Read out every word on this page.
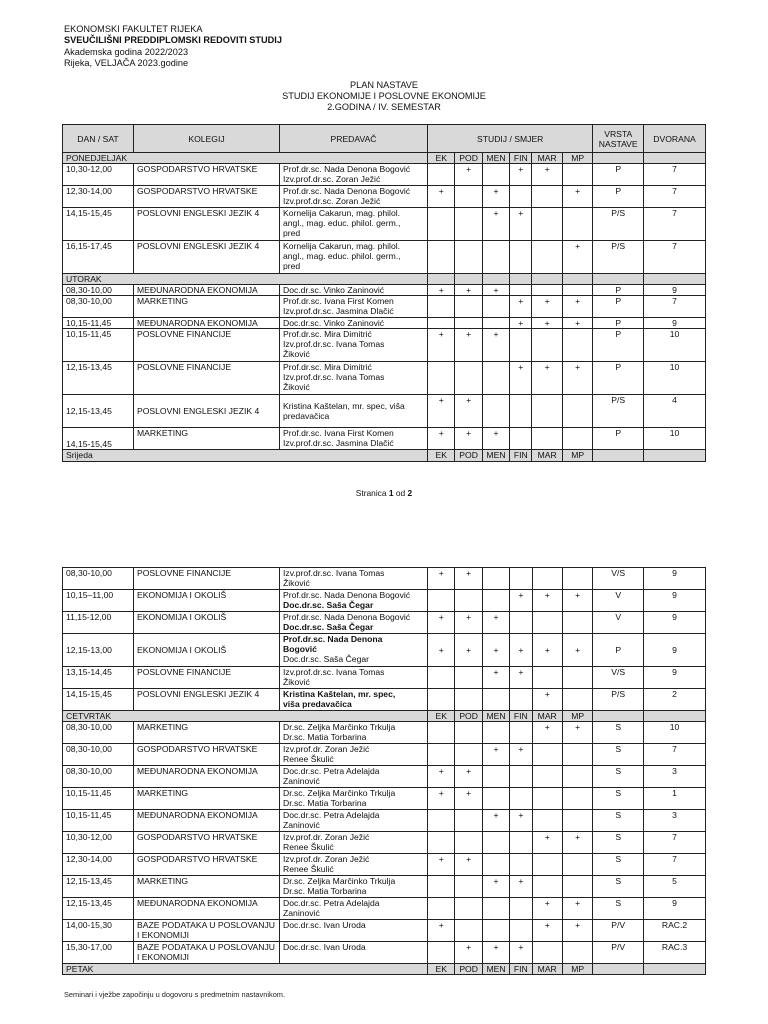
EKONOMSKI FAKULTET RIJEKA
SVEUČILIŠNI PREDDIPLOMSKI REDOVITI STUDIJ
Akademska godina 2022/2023
Rijeka, VELJAČA 2023.godine
PLAN NASTAVE
STUDIJ EKONOMIJE I POSLOVNE EKONOMIJE
2.GODINA / IV. SEMESTAR
DAN / SAT	KOLEGIJ	PREDAVAČ	STUDIJ / SMJER						VRSTA NASTAVE	DVORANA
PONEDJELJAK			EK	POD	MEN	FIN	MAR	MP		
10,30-12,00	GOSPODARSTVO HRVATSKE	Prof.dr.sc. Nada Denona Bogović
Izv.prof.dr.sc. Zoran Ježić		+		+	+		P	7
12,30-14,00	GOSPODARSTVO HRVATSKE	Prof.dr.sc. Nada Denona Bogović
Izv.prof.dr.sc. Zoran Ježić	+		+			+	P	7
14,15-15,45	POSLOVNI ENGLESKI JEZIK 4	Kornelija Cakarun, mag. philol.
angl., mag. educ. philol. germ.,
pred			+	+			P/S	7
16,15-17,45	POSLOVNI ENGLESKI JEZIK 4	Kornelija Cakarun, mag. philol.
angl., mag. educ. philol. germ.,
pred						+	P/S	7
UTORAK										
08,30-10,00	MEĐUNARODNA EKONOMIJA	Doc.dr.sc. Vinko Zaninović	+	+	+				P	9
08,30-10,00	MARKETING	Prof.dr.sc. Ivana First Komen
Izv.prof.dr.sc. Jasmina Dlačić				+	+	+	P	7
10,15-11,45	MEĐUNARODNA EKONOMIJA	Doc.dr.sc. Vinko Zaninović				+	+	+	P	9
10,15-11,45	POSLOVNE FINANCIJE	Prof.dr.sc. Mira Dimitrić
Izv.prof.dr.sc. Ivana Tomas
Žiković	+	+	+				P	10
12,15-13,45	POSLOVNE FINANCIJE	Prof.dr.sc. Mira Dimitrić
Izv.prof.dr.sc. Ivana Tomas
Žiković				+	+	+	P	10
12,15-13,45	POSLOVNI ENGLESKI JEZIK 4	Kristina Kaštelan, mr. spec, viša
predavačica	+	+					P/S	4
14,15-15,45	MARKETING	Prof.dr.sc. Ivana First Komen
Izv.prof.dr.sc. Jasmina Dlačić	+	+	+				P	10
Srijeda			EK	POD	MEN	FIN	MAR	MP		
Stranica 1 od 2
08,30-10,00	POSLOVNE FINANCIJE	Izv.prof.dr.sc. Ivana Tomas
Žiković	+	+					V/S	9
10,15–11,00	EKONOMIJA I OKOLIŠ	Prof.dr.sc. Nada Denona Bogović
Doc.dr.sc. Saša Čegar				+	+	+	V	9
11,15-12,00	EKONOMIJA I OKOLIŠ	Prof.dr.sc. Nada Denona Bogović
Doc.dr.sc. Saša Čegar	+	+	+				V	9
12,15-13,00	EKONOMIJA I OKOLIŠ	Prof.dr.sc. Nada Denona
Bogović
Doc.dr.sc. Saša Čegar	+	+	+	+	+	+	P	9
13,15-14,45	POSLOVNE FINANCIJE	Izv.prof.dr.sc. Ivana Tomas
Žiković			+	+			V/S	9
14,15-15,45	POSLOVNI ENGLESKI JEZIK 4	Kristina Kaštelan, mr. spec,
viša predavačica					+		P/S	2
CETVRTAK			EK	POD	MEN	FIN	MAR	MP		
08,30-10,00	MARKETING	Dr.sc. Zeljka Marčinko Trkulja
Dr.sc. Matia Torbarina					+	+	S	10
08,30-10,00	GOSPODARSTVO HRVATSKE	Izv.prof.dr. Zoran Ježić
Renee Škulić			+	+			S	7
08,30-10,00	MEĐUNARODNA EKONOMIJA	Doc.dr.sc. Petra Adelajda
Zaninović	+	+					S	3
10,15-11,45	MARKETING	Dr.sc. Zeljka Marčinko Trkulja
Dr.sc. Matia Torbarina	+	+					S	1
10,15-11,45	MEĐUNARODNA EKONOMIJA	Doc.dr.sc. Petra Adelajda
Zaninović			+	+			S	3
10,30-12,00	GOSPODARSTVO HRVATSKE	Izv.prof.dr. Zoran Ježić
Renee Škulić					+	+	S	7
12,30-14,00	GOSPODARSTVO HRVATSKE	Izv.prof.dr. Zoran Ježić
Renee Škulić	+	+					S	7
12,15-13,45	MARKETING	Dr.sc. Zeljka Marčinko Trkulja
Dr.sc. Matia Torbarina			+	+			S	5
12,15-13,45	MEĐUNARODNA EKONOMIJA	Doc.dr.sc. Petra Adelajda
Zaninović					+	+	S	9
14,00-15,30	BAZE PODATAKA U POSLOVANJU I EKONOMIJI	Doc.dr.sc. Ivan Uroda	+				+	+	P/V	RAC.2
15,30-17,00	BAZE PODATAKA U POSLOVANJU I EKONOMIJI	Doc.dr.sc. Ivan Uroda		+	+	+			P/V	RAC.3
PETAK			EK	POD	MEN	FIN	MAR	MP		
Seminari i vježbe započinju u dogovoru s predmetnim nastavnikom.
